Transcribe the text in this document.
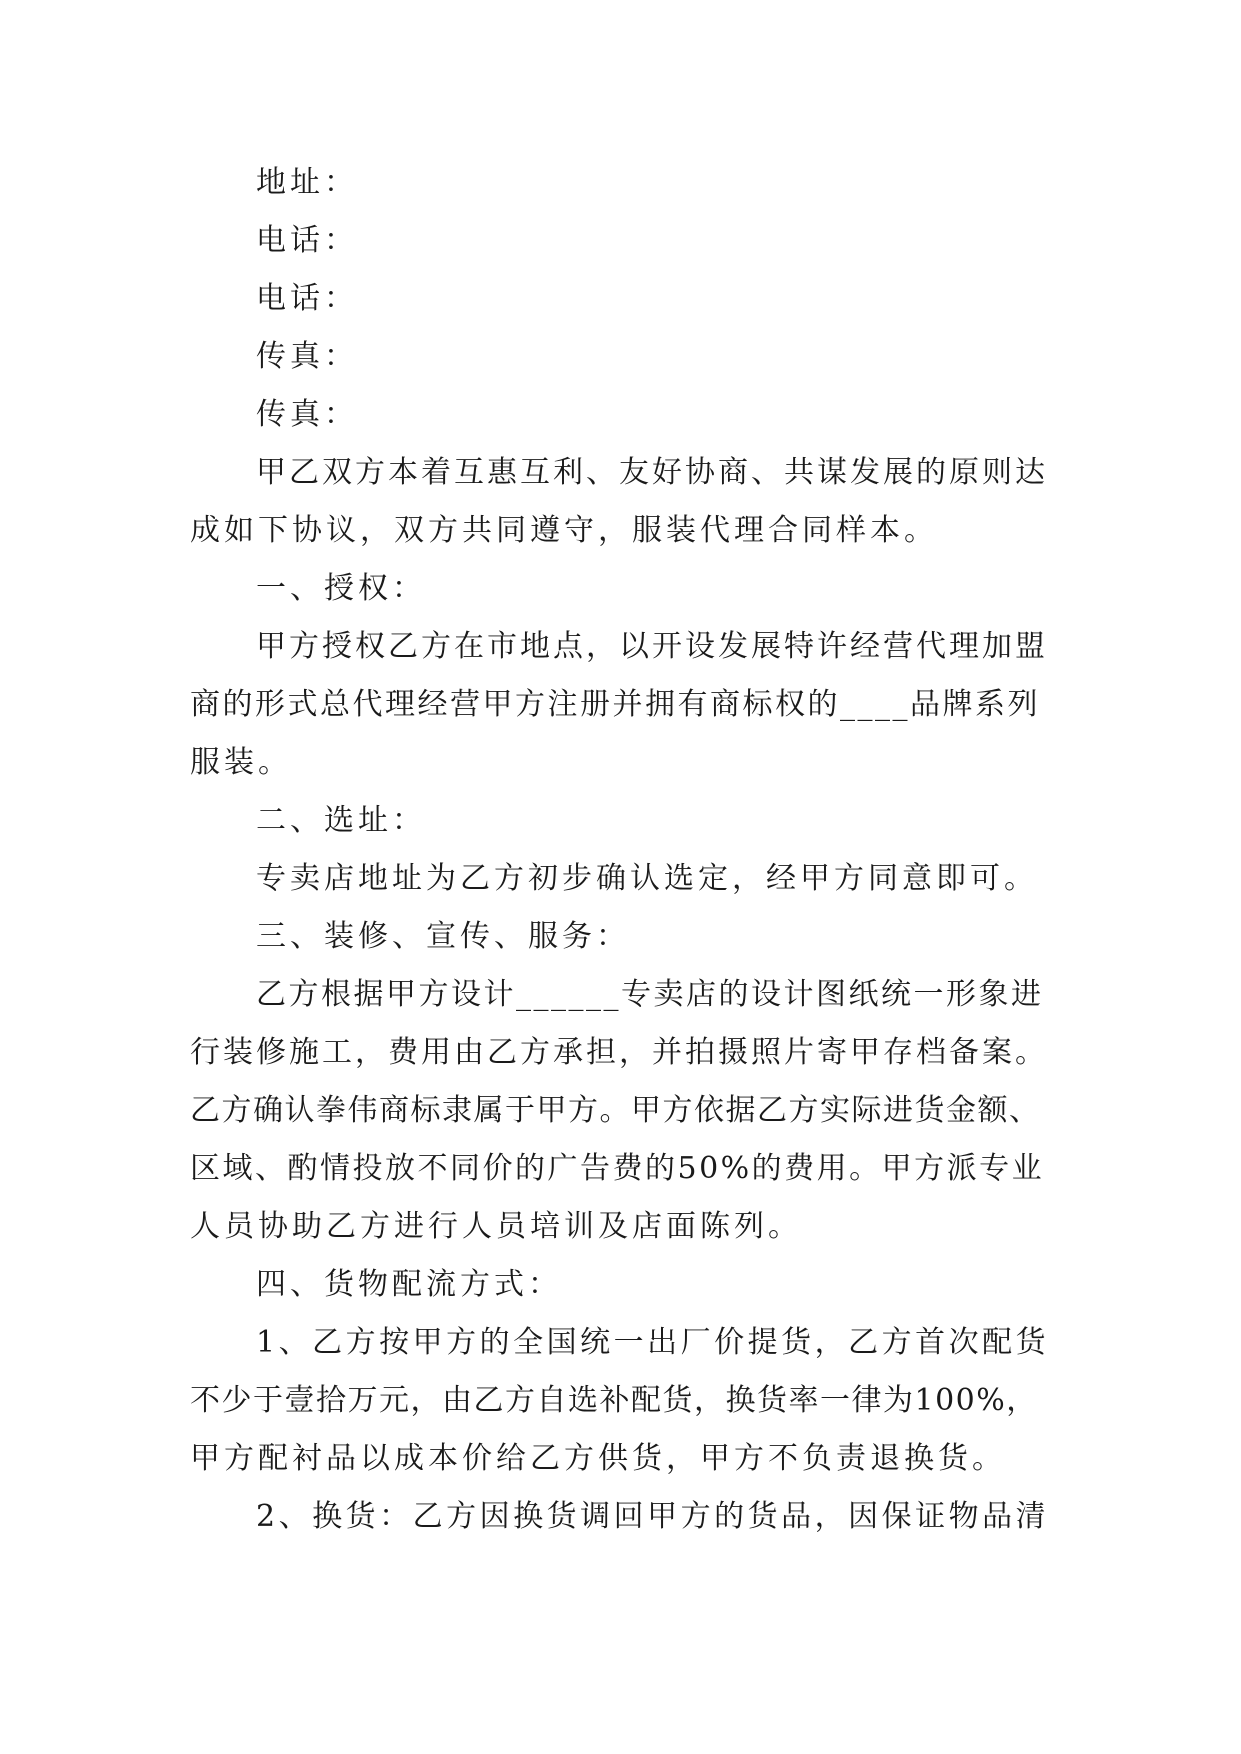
地址：

电话：

电话：

传真：

传真：

甲乙双方本着互惠互利、友好协商、共谋发展的原则达

成如下协议，双方共同遵守，服装代理合同样本。

一、授权：

甲方授权乙方在市地点，以开设发展特许经营代理加盟

商的形式总代理经营甲方注册并拥有商标权的____品牌系列

服装。

二、选址：

专卖店地址为乙方初步确认选定，经甲方同意即可。

三、装修、宣传、服务：

乙方根据甲方设计______专卖店的设计图纸统一形象进

行装修施工，费用由乙方承担，并拍摄照片寄甲存档备案。

乙方确认拳伟商标隶属于甲方。甲方依据乙方实际进货金额、

区域、酌情投放不同价的广告费的50%的费用。甲方派专业

人员协助乙方进行人员培训及店面陈列。

四、货物配流方式：

1、乙方按甲方的全国统一出厂价提货，乙方首次配货

不少于壹拾万元，由乙方自选补配货，换货率一律为100%，

甲方配衬品以成本价给乙方供货，甲方不负责退换货。

2、换货：乙方因换货调回甲方的货品，因保证物品清
